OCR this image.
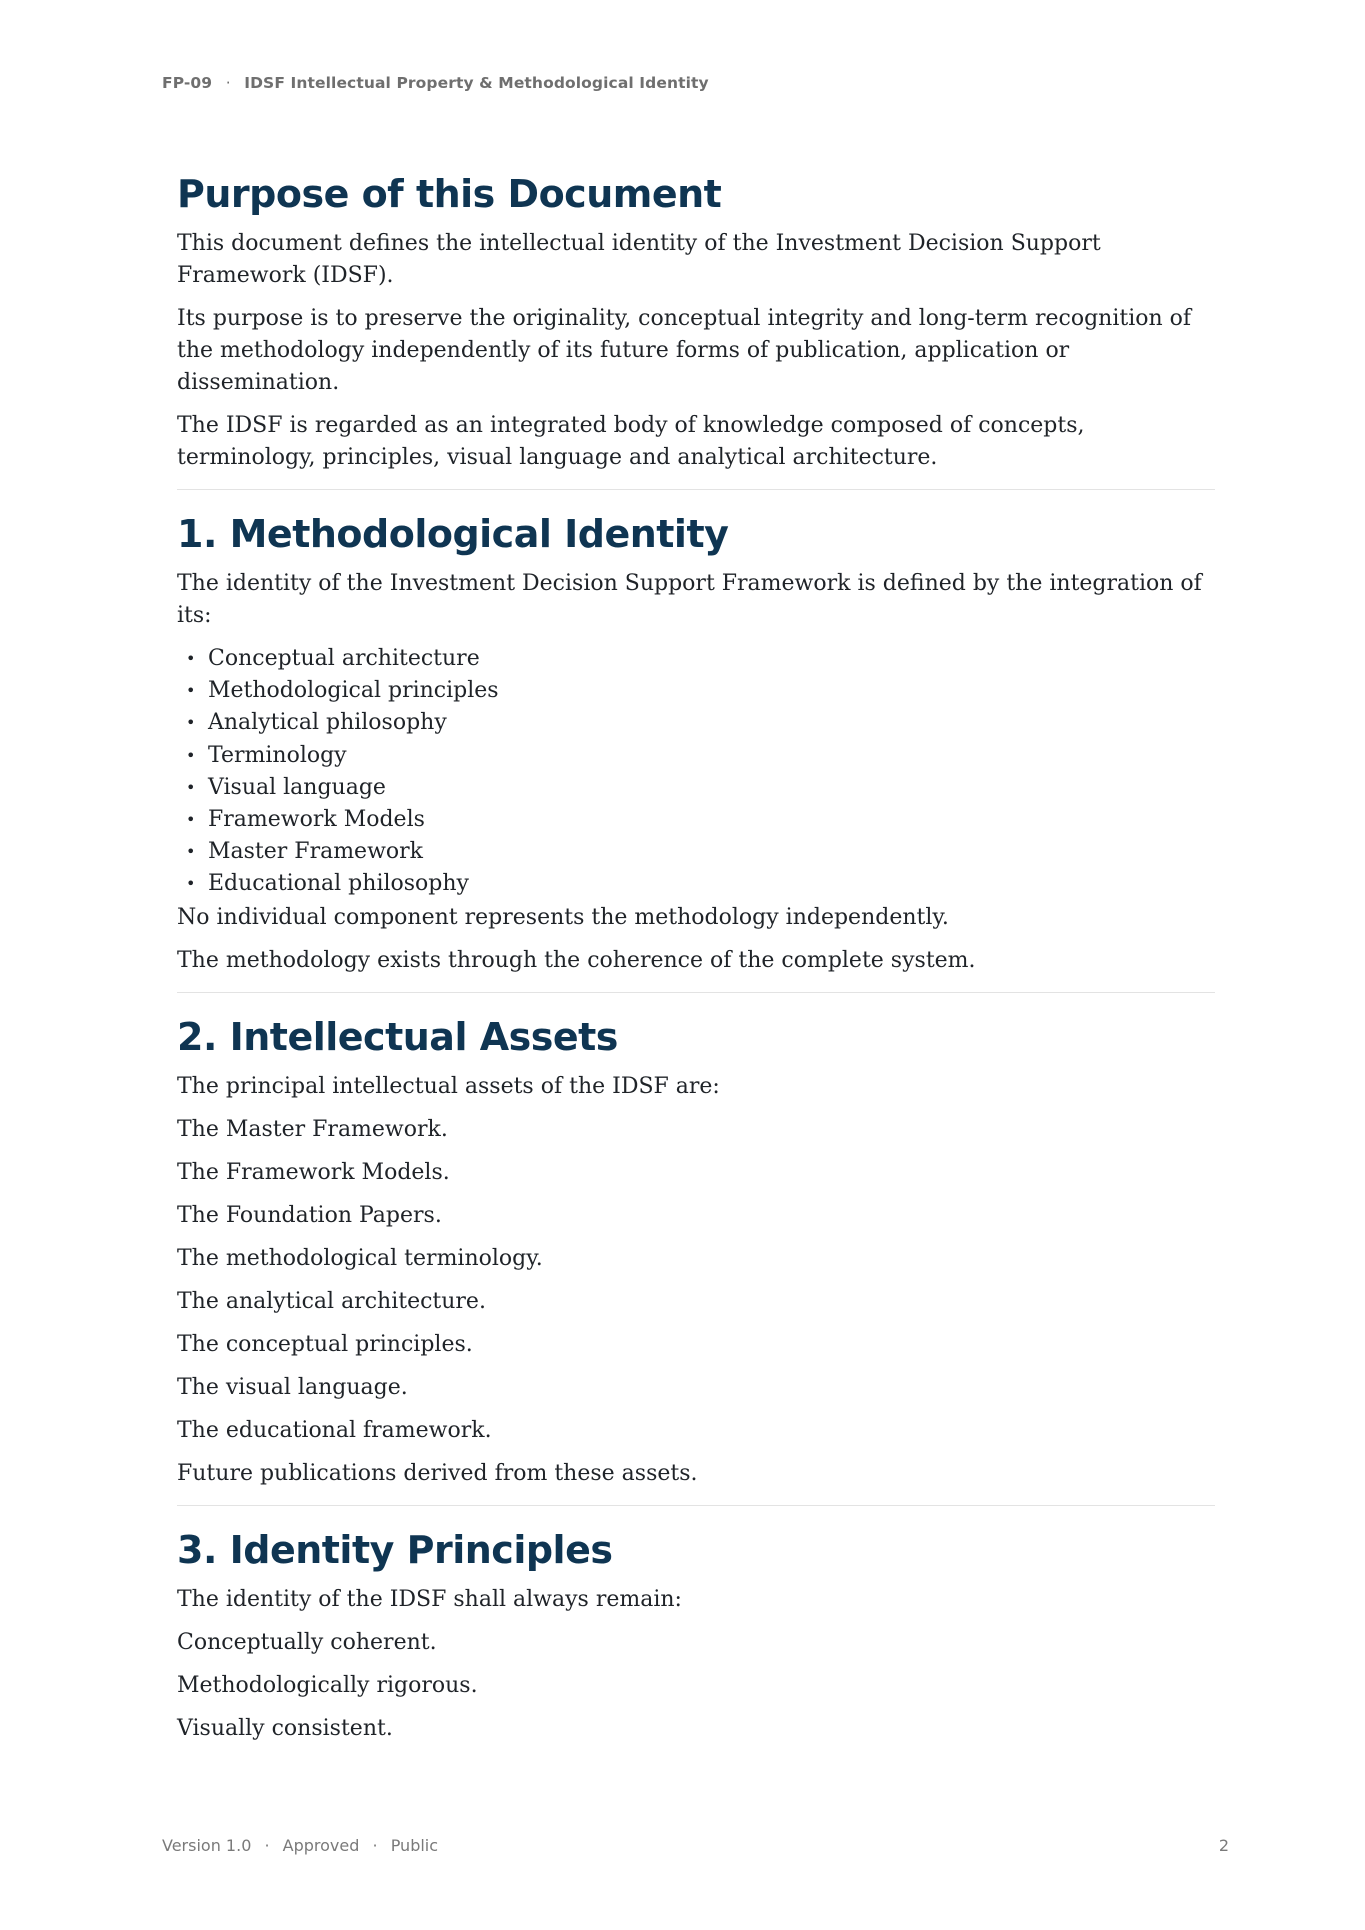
FP-09 · IDSF Intellectual Property & Methodological Identity
Purpose of this Document

This document defines the intellectual identity of the Investment Decision Support Framework (IDSF).

Its purpose is to preserve the originality, conceptual integrity and long-term recognition of the methodology independently of its future forms of publication, application or dissemination.

The IDSF is regarded as an integrated body of knowledge composed of concepts, terminology, principles, visual language and analytical architecture.

1. Methodological Identity

The identity of the Investment Decision Support Framework is defined by the integration of its:

• Conceptual architecture
• Methodological principles
• Analytical philosophy
• Terminology
• Visual language
• Framework Models
• Master Framework
• Educational philosophy

No individual component represents the methodology independently.

The methodology exists through the coherence of the complete system.

2. Intellectual Assets

The principal intellectual assets of the IDSF are:

The Master Framework.

The Framework Models.

The Foundation Papers.

The methodological terminology.

The analytical architecture.

The conceptual principles.

The visual language.

The educational framework.

Future publications derived from these assets.

3. Identity Principles

The identity of the IDSF shall always remain:

Conceptually coherent.

Methodologically rigorous.

Visually consistent.

Version 1.0 · Approved · Public	2
